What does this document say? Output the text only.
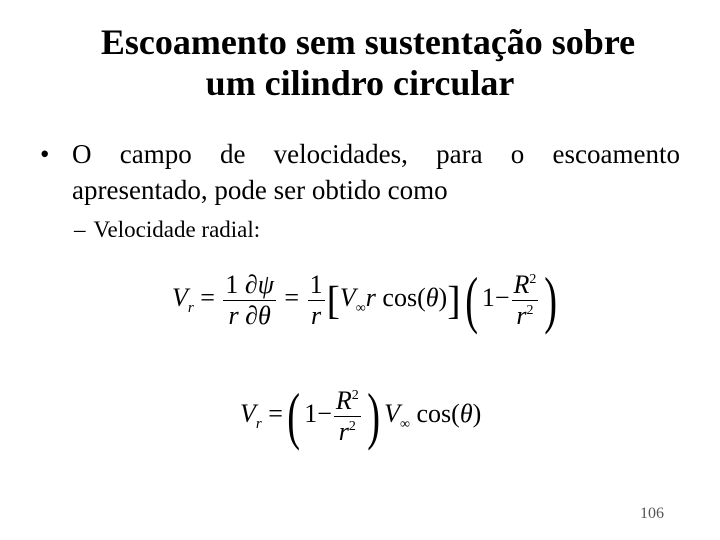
Escoamento sem sustentação sobre
um cilindro circular
• O campo de velocidades, para o escoamento apresentado, pode ser obtido como
– Velocidade radial:
$V_r = \frac{1 \partial\psi}{r \partial\theta} = \frac{1}{r} [V_\infty r$ cos(θ)]( $1- \frac{R^2}{r^2}$ )
$V_r$ =( $1- \frac{R^2}{r^2}$ ) $V_\infty$ cos(θ)
106
